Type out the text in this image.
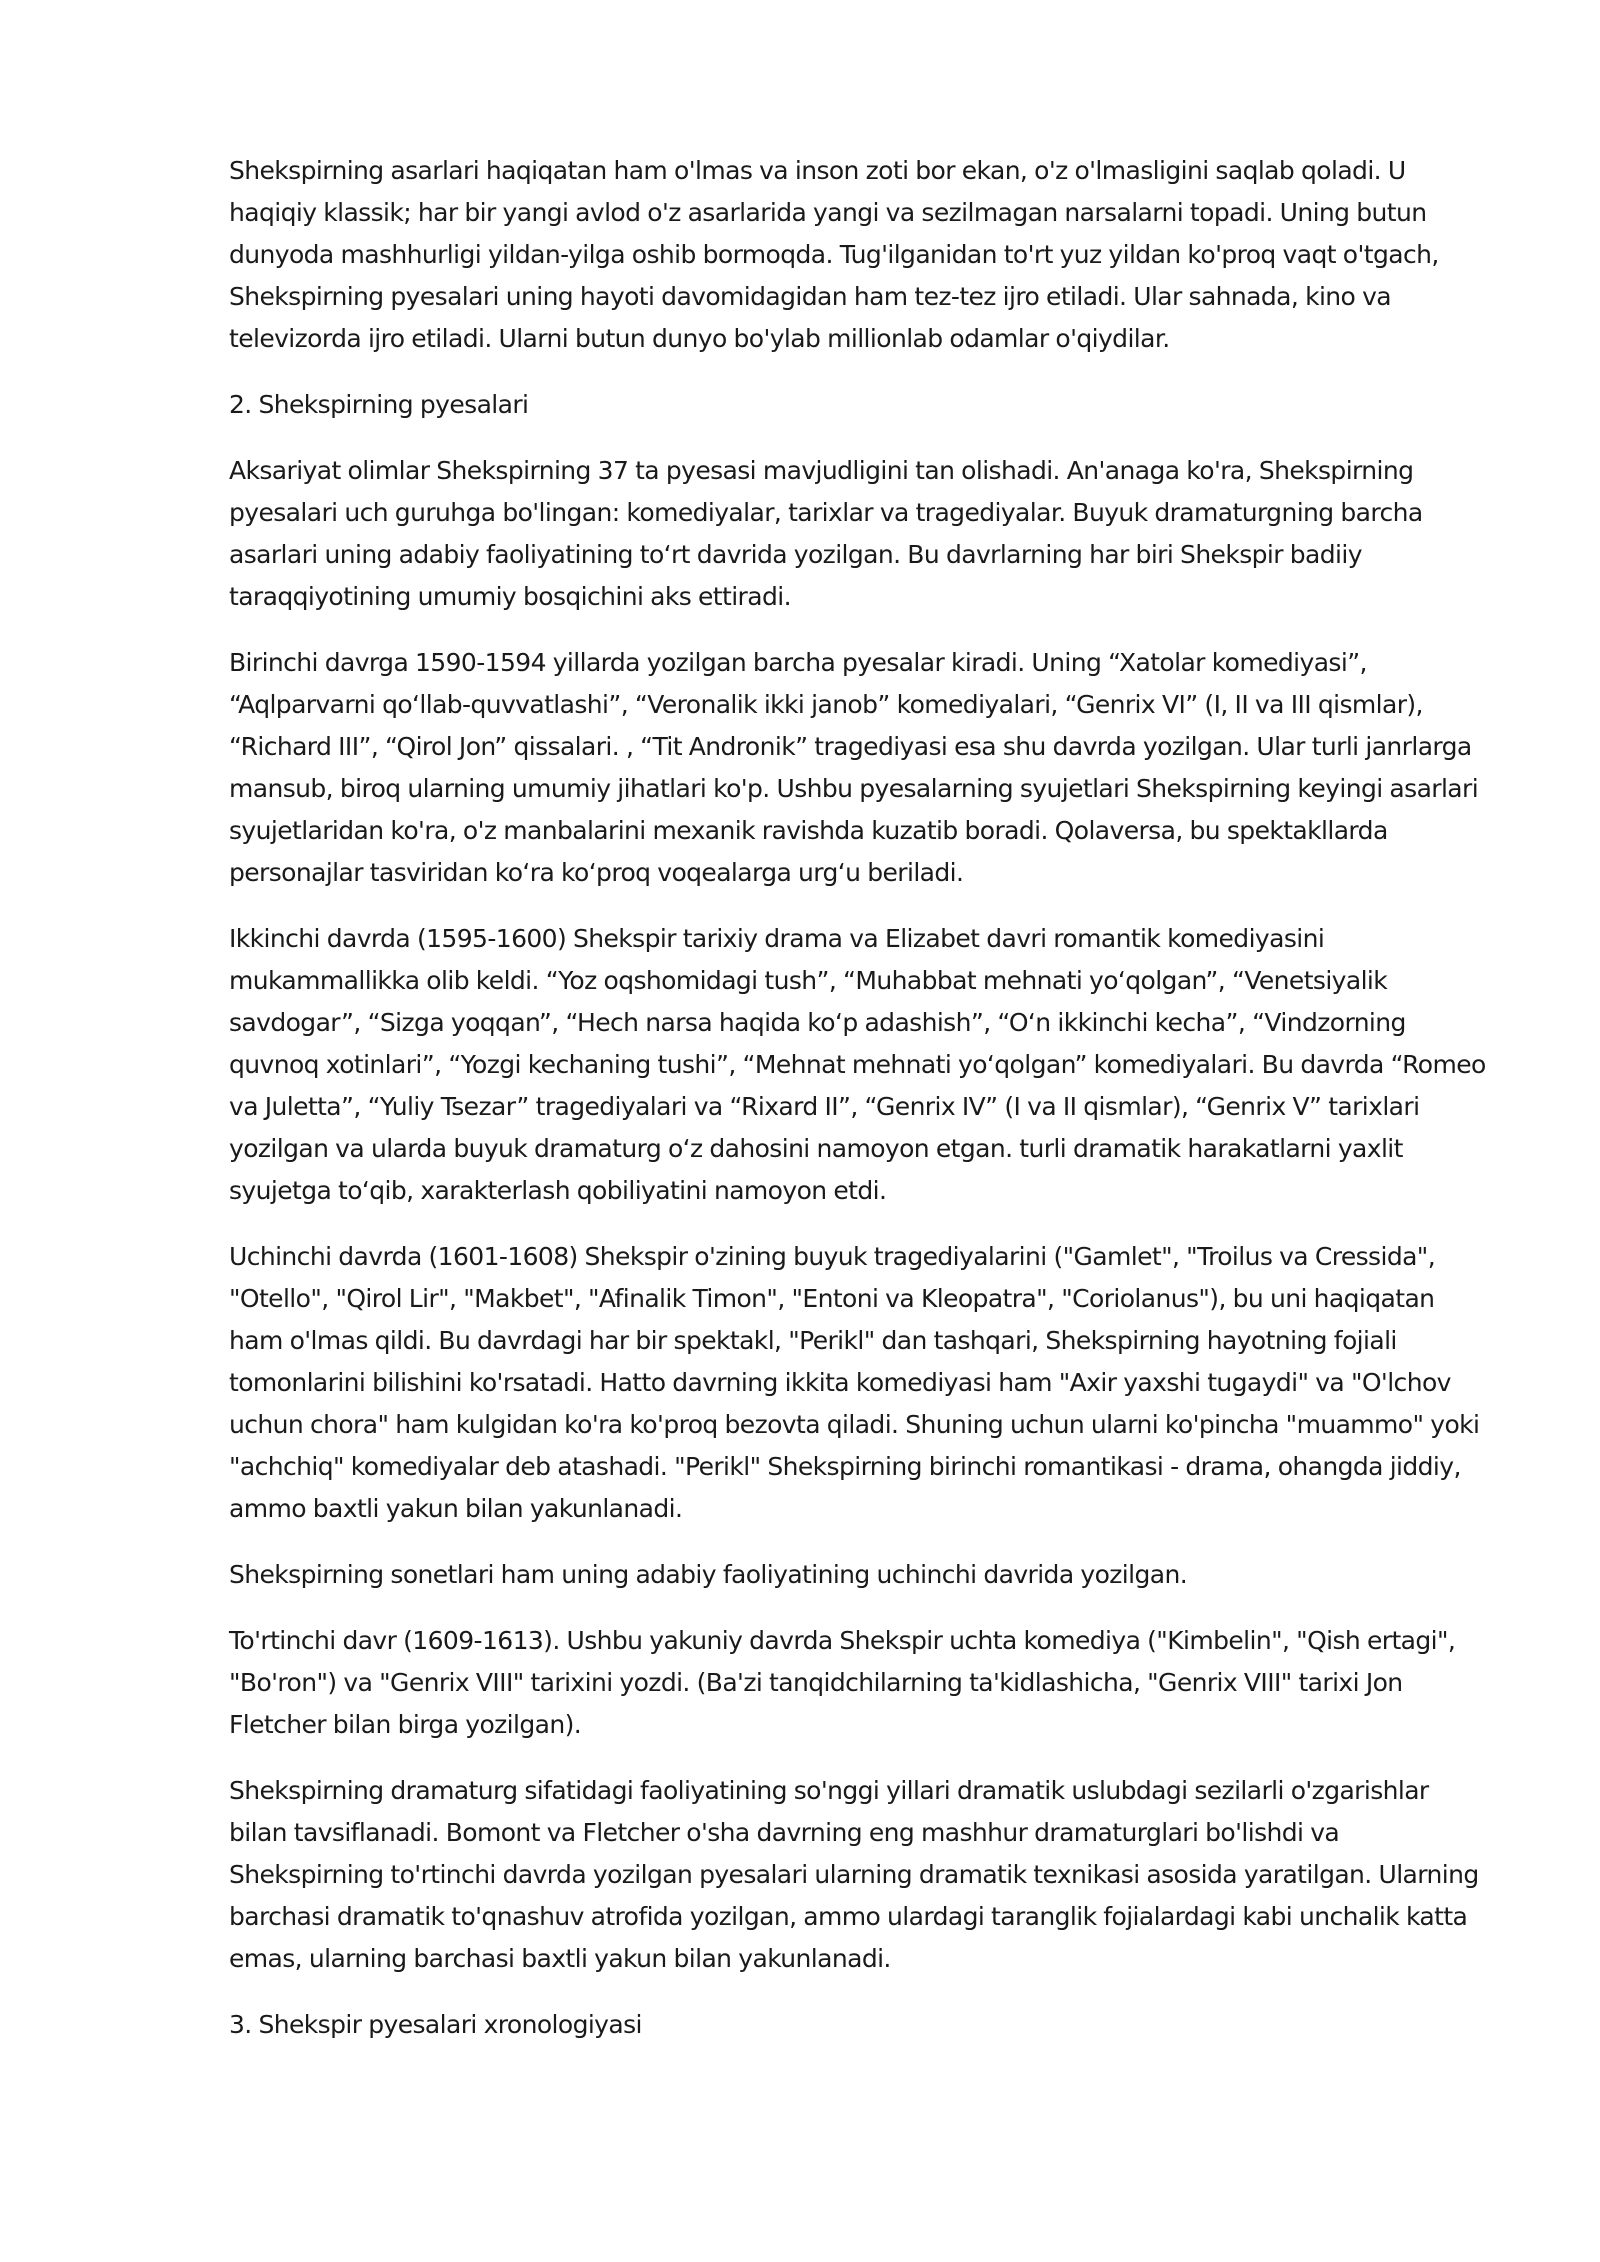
Shekspirning asarlari haqiqatan ham o'lmas va inson zoti bor ekan, o'z o'lmasligini saqlab qoladi. U haqiqiy klassik; har bir yangi avlod o'z asarlarida yangi va sezilmagan narsalarni topadi. Uning butun dunyoda mashhurligi yildan-yilga oshib bormoqda. Tug'ilganidan to'rt yuz yildan ko'proq vaqt o'tgach, Shekspirning pyesalari uning hayoti davomidagidan ham tez-tez ijro etiladi. Ular sahnada, kino va televizorda ijro etiladi. Ularni butun dunyo bo'ylab millionlab odamlar o'qiydilar.

2. Shekspirning pyesalari

Aksariyat olimlar Shekspirning 37 ta pyesasi mavjudligini tan olishadi. An'anaga ko'ra, Shekspirning pyesalari uch guruhga bo'lingan: komediyalar, tarixlar va tragediyalar. Buyuk dramaturgning barcha asarlari uning adabiy faoliyatining to‘rt davrida yozilgan. Bu davrlarning har biri Shekspir badiiy taraqqiyotining umumiy bosqichini aks ettiradi.

Birinchi davrga 1590-1594 yillarda yozilgan barcha pyesalar kiradi. Uning “Xatolar komediyasi”, “Aqlparvarni qo‘llab-quvvatlashi”, “Veronalik ikki janob” komediyalari, “Genrix VI” (I, II va III qismlar), “Richard III”, “Qirol Jon” qissalari. , “Tit Andronik” tragediyasi esa shu davrda yozilgan. Ular turli janrlarga mansub, biroq ularning umumiy jihatlari ko'p. Ushbu pyesalarning syujetlari Shekspirning keyingi asarlari syujetlaridan ko'ra, o'z manbalarini mexanik ravishda kuzatib boradi. Qolaversa, bu spektakllarda personajlar tasviridan ko‘ra ko‘proq voqealarga urg‘u beriladi.

Ikkinchi davrda (1595-1600) Shekspir tarixiy drama va Elizabet davri romantik komediyasini mukammallikka olib keldi. “Yoz oqshomidagi tush”, “Muhabbat mehnati yo‘qolgan”, “Venetsiyalik savdogar”, “Sizga yoqqan”, “Hech narsa haqida ko‘p adashish”, “O‘n ikkinchi kecha”, “Vindzorning quvnoq xotinlari”, “Yozgi kechaning tushi”, “Mehnat mehnati yo‘qolgan” komediyalari. Bu davrda “Romeo va Juletta”, “Yuliy Tsezar” tragediyalari va “Rixard II”, “Genrix IV” (I va II qismlar), “Genrix V” tarixlari yozilgan va ularda buyuk dramaturg o‘z dahosini namoyon etgan. turli dramatik harakatlarni yaxlit syujetga to‘qib, xarakterlash qobiliyatini namoyon etdi.

Uchinchi davrda (1601-1608) Shekspir o'zining buyuk tragediyalarini ("Gamlet", "Troilus va Cressida", "Otello", "Qirol Lir", "Makbet", "Afinalik Timon", "Entoni va Kleopatra", "Coriolanus"), bu uni haqiqatan ham o'lmas qildi. Bu davrdagi har bir spektakl, "Perikl" dan tashqari, Shekspirning hayotning fojiali tomonlarini bilishini ko'rsatadi. Hatto davrning ikkita komediyasi ham "Axir yaxshi tugaydi" va "O'lchov uchun chora" ham kulgidan ko'ra ko'proq bezovta qiladi. Shuning uchun ularni ko'pincha "muammo" yoki "achchiq" komediyalar deb atashadi. "Perikl" Shekspirning birinchi romantikasi - drama, ohangda jiddiy, ammo baxtli yakun bilan yakunlanadi.

Shekspirning sonetlari ham uning adabiy faoliyatining uchinchi davrida yozilgan.

To'rtinchi davr (1609-1613). Ushbu yakuniy davrda Shekspir uchta komediya ("Kimbelin", "Qish ertagi", "Bo'ron") va "Genrix VIII" tarixini yozdi. (Ba'zi tanqidchilarning ta'kidlashicha, "Genrix VIII" tarixi Jon Fletcher bilan birga yozilgan).

Shekspirning dramaturg sifatidagi faoliyatining so'nggi yillari dramatik uslubdagi sezilarli o'zgarishlar bilan tavsiflanadi. Bomont va Fletcher o'sha davrning eng mashhur dramaturglari bo'lishdi va Shekspirning to'rtinchi davrda yozilgan pyesalari ularning dramatik texnikasi asosida yaratilgan. Ularning barchasi dramatik to'qnashuv atrofida yozilgan, ammo ulardagi taranglik fojialardagi kabi unchalik katta emas, ularning barchasi baxtli yakun bilan yakunlanadi.

3. Shekspir pyesalari xronologiyasi
